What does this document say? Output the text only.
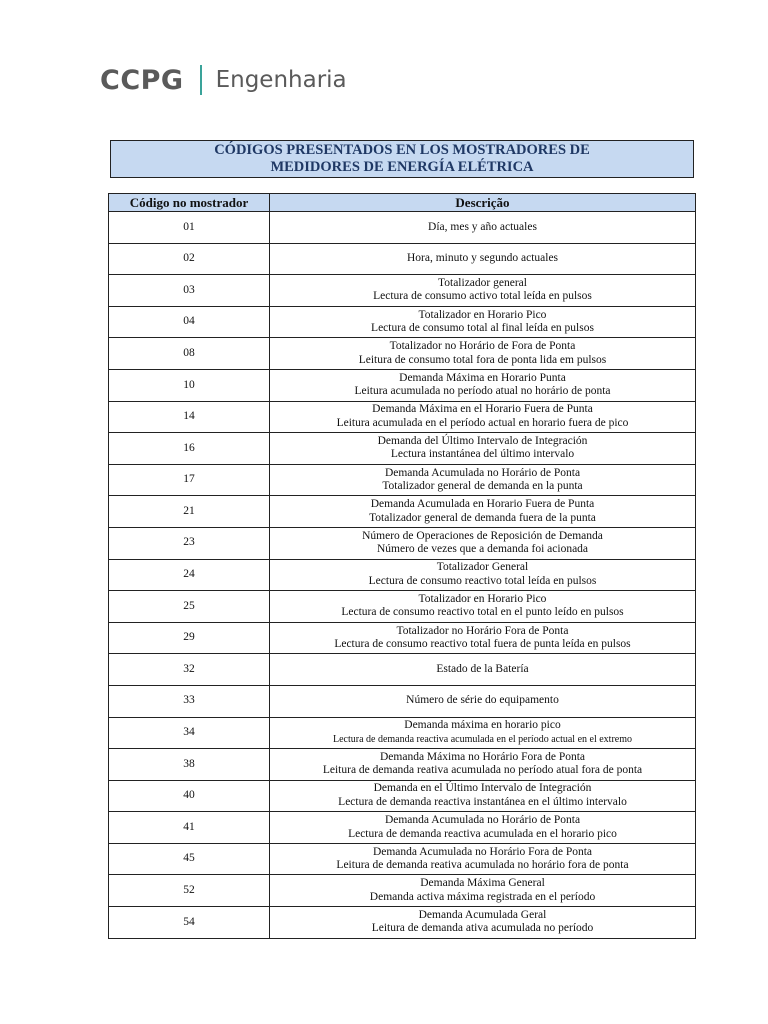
CCPG Engenharia
CÓDIGOS PRESENTADOS EN LOS MOSTRADORES DE
MEDIDORES DE ENERGÍA ELÉTRICA
Código no mostrador	Descrição
01	Día, mes y año actuales

02	Hora, minuto y segundo actuales

03	Totalizador general
Lectura de consumo activo total leída en pulsos

04	Totalizador en Horario Pico
Lectura de consumo total al final leída en pulsos

08	Totalizador no Horário de Fora de Ponta
Leitura de consumo total fora de ponta lida em pulsos

10	Demanda Máxima en Horario Punta
Leitura acumulada no período atual no horário de ponta

14	Demanda Máxima en el Horario Fuera de Punta
Leitura acumulada en el período actual en horario fuera de pico

16	Demanda del Último Intervalo de Integración
Lectura instantánea del último intervalo

17	Demanda Acumulada no Horário de Ponta
Totalizador general de demanda en la punta

21	Demanda Acumulada en Horario Fuera de Punta
Totalizador general de demanda fuera de la punta

23	Número de Operaciones de Reposición de Demanda
Número de vezes que a demanda foi acionada

24	Totalizador General
Lectura de consumo reactivo total leída en pulsos

25	Totalizador en Horario Pico
Lectura de consumo reactivo total en el punto leído en pulsos

29	Totalizador no Horário Fora de Ponta
Lectura de consumo reactivo total fuera de punta leída en pulsos

32	Estado de la Batería

33	Número de série do equipamento

34	Demanda máxima en horario pico
Lectura de demanda reactiva acumulada en el período actual en el extremo

38	Demanda Máxima no Horário Fora de Ponta
Leitura de demanda reativa acumulada no período atual fora de ponta

40	Demanda en el Último Intervalo de Integración
Lectura de demanda reactiva instantánea en el último intervalo

41	Demanda Acumulada no Horário de Ponta
Lectura de demanda reactiva acumulada en el horario pico

45	Demanda Acumulada no Horário Fora de Ponta
Leitura de demanda reativa acumulada no horário fora de ponta

52	Demanda Máxima General
Demanda activa máxima registrada en el período

54	Demanda Acumulada Geral
Leitura de demanda ativa acumulada no período
